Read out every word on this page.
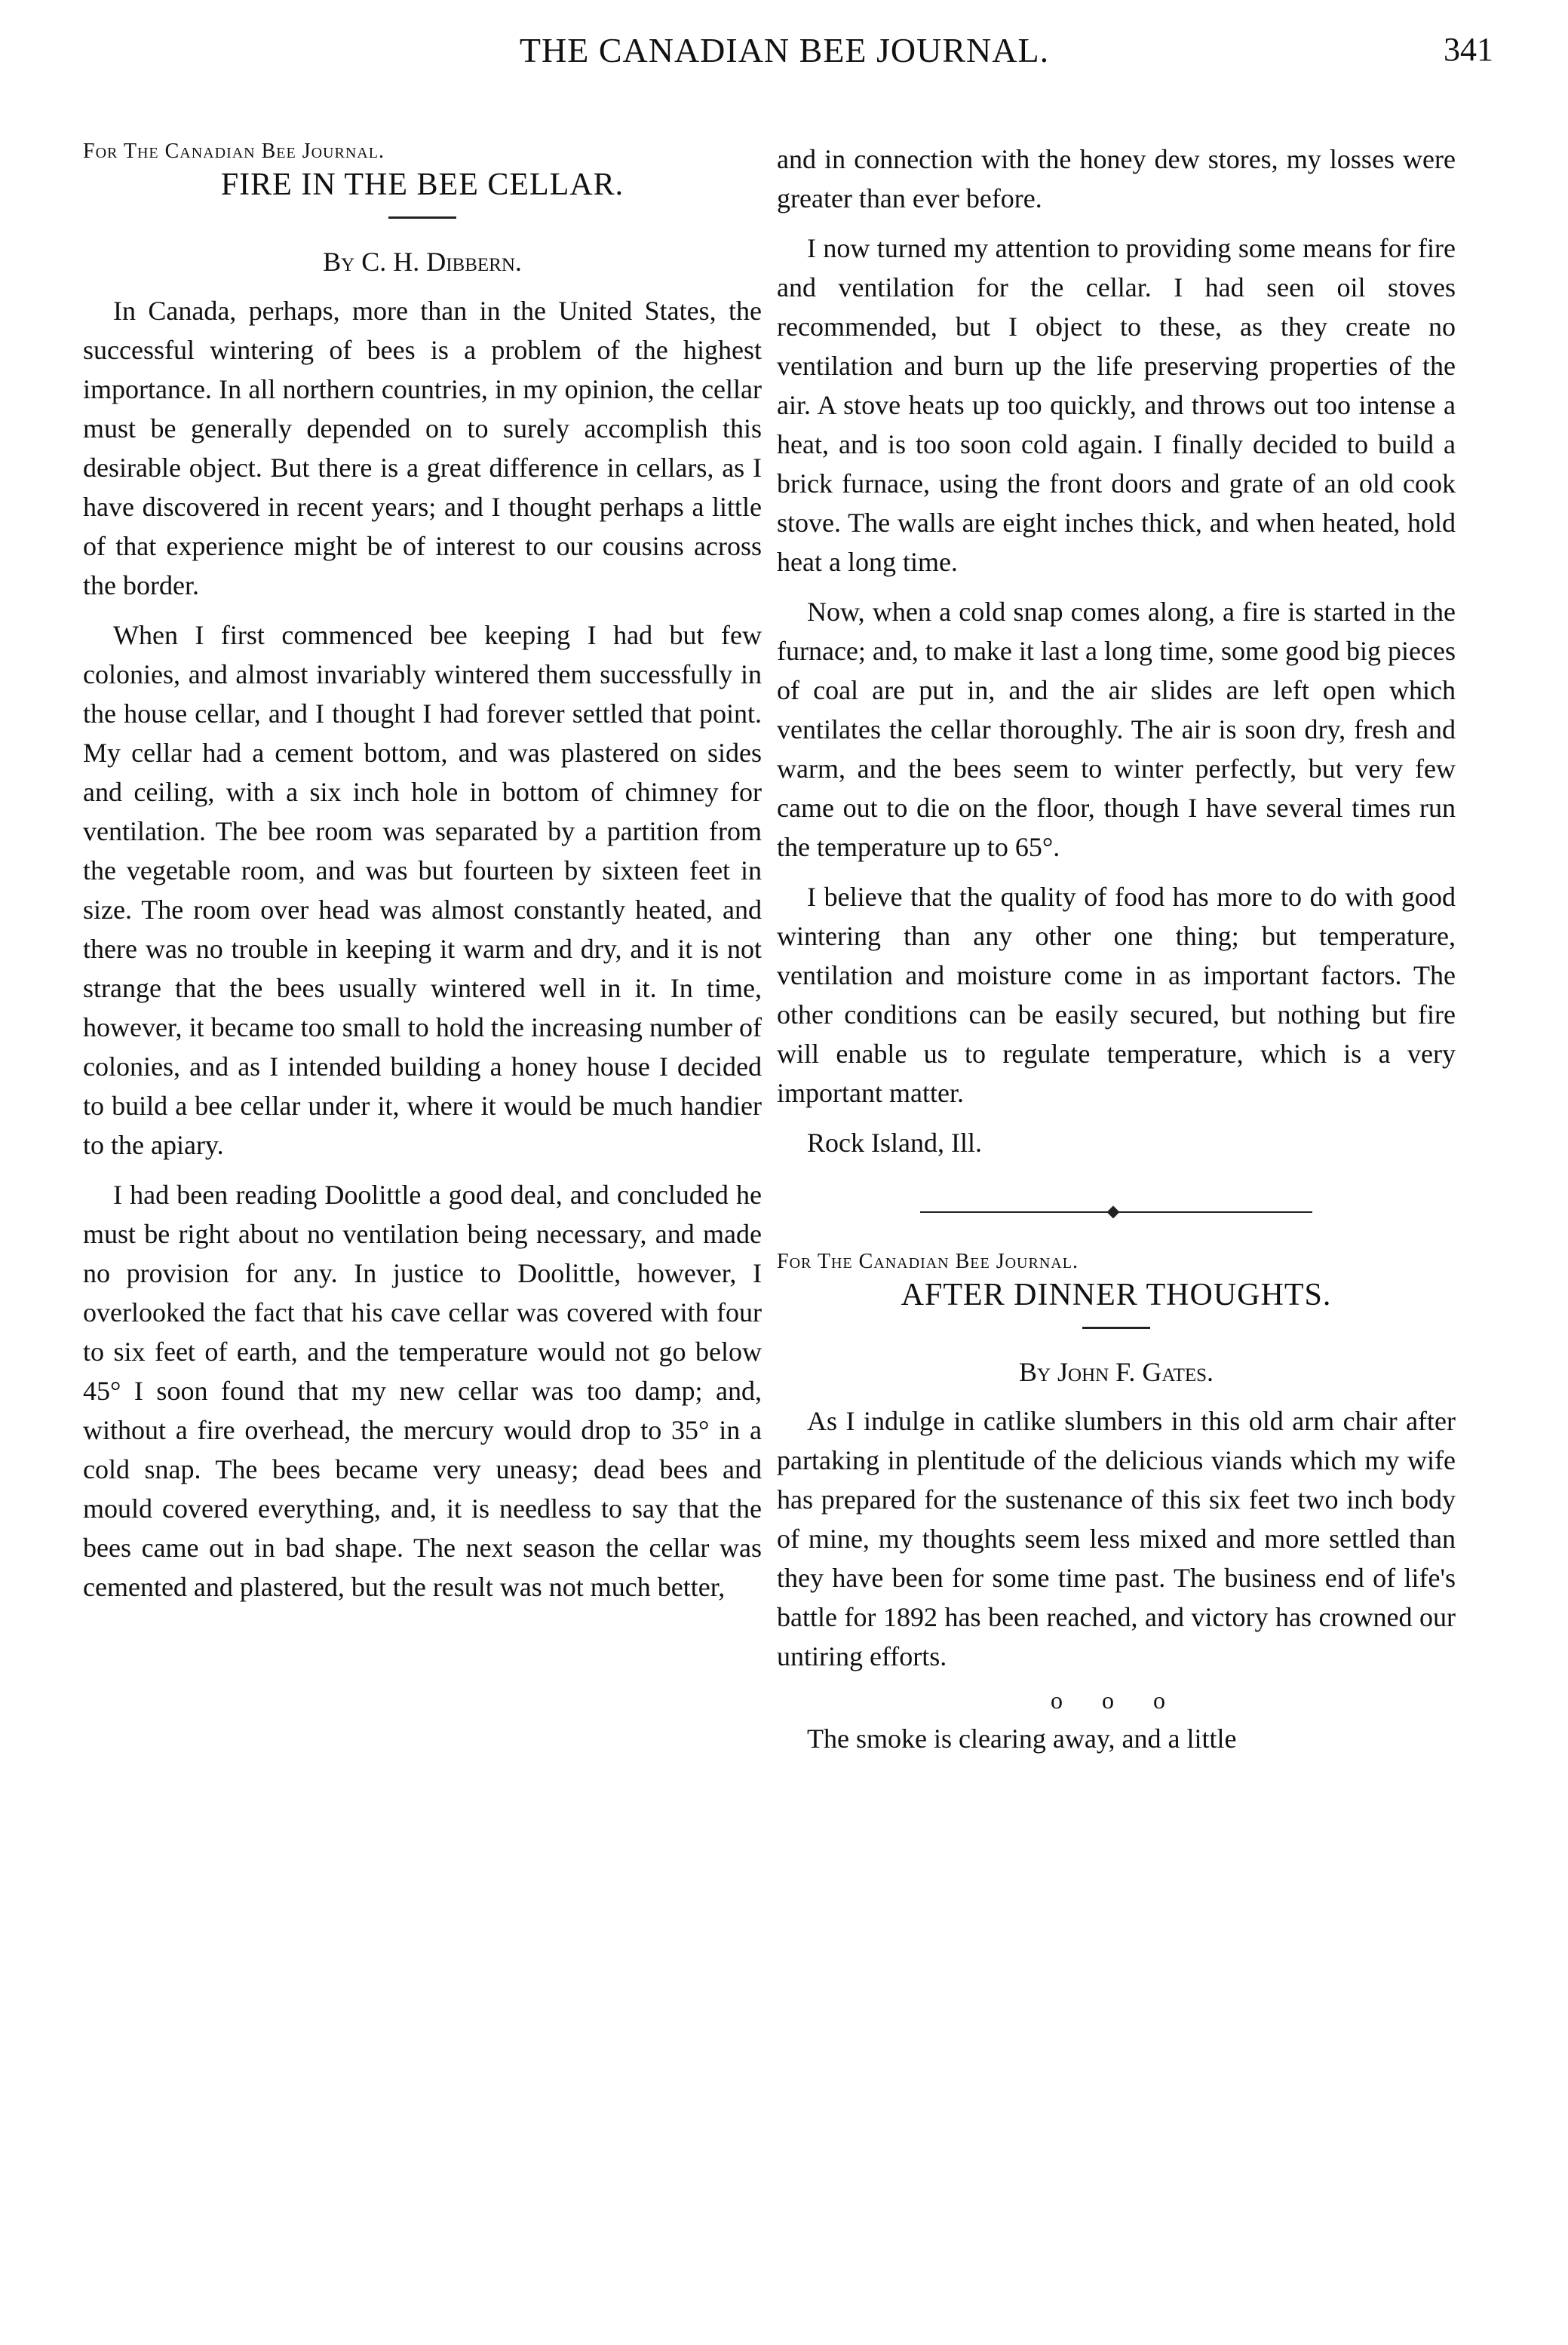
THE CANADIAN BEE JOURNAL.	341
For The Canadian Bee Journal.
FIRE IN THE BEE CELLAR.
By C. H. Dibbern.

In Canada, perhaps, more than in the United States, the successful wintering of bees is a problem of the highest importance. In all northern countries, in my opinion, the cellar must be generally depended on to surely accomplish this desirable object. But there is a great difference in cellars, as I have discovered in recent years; and I thought perhaps a little of that experience might be of interest to our cousins across the border.

When I first commenced bee keeping I had but few colonies, and almost invariably wintered them successfully in the house cellar, and I thought I had forever settled that point. My cellar had a cement bottom, and was plastered on sides and ceiling, with a six inch hole in bottom of chimney for ventilation. The bee room was separated by a partition from the vegetable room, and was but fourteen by sixteen feet in size. The room over head was almost constantly heated, and there was no trouble in keeping it warm and dry, and it is not strange that the bees usually wintered well in it. In time, however, it became too small to hold the increasing number of colonies, and as I intended building a honey house I decided to build a bee cellar under it, where it would be much handier to the apiary.

I had been reading Doolittle a good deal, and concluded he must be right about no ventilation being necessary, and made no provision for any. In justice to Doolittle, however, I overlooked the fact that his cave cellar was covered with four to six feet of earth, and the temperature would not go below 45° I soon found that my new cellar was too damp; and, without a fire overhead, the mercury would drop to 35° in a cold snap. The bees became very uneasy; dead bees and mould covered everything, and, it is needless to say that the bees came out in bad shape. The next season the cellar was cemented and plastered, but the result was not much better,

and in connection with the honey dew stores, my losses were greater than ever before.

I now turned my attention to providing some means for fire and ventilation for the cellar. I had seen oil stoves recommended, but I object to these, as they create no ventilation and burn up the life preserving properties of the air. A stove heats up too quickly, and throws out too intense a heat, and is too soon cold again. I finally decided to build a brick furnace, using the front doors and grate of an old cook stove. The walls are eight inches thick, and when heated, hold heat a long time.

Now, when a cold snap comes along, a fire is started in the furnace; and, to make it last a long time, some good big pieces of coal are put in, and the air slides are left open which ventilates the cellar thoroughly. The air is soon dry, fresh and warm, and the bees seem to winter perfectly, but very few came out to die on the floor, though I have several times run the temperature up to 65°.

I believe that the quality of food has more to do with good wintering than any other one thing; but temperature, ventilation and moisture come in as important factors. The other conditions can be easily secured, but nothing but fire will enable us to regulate temperature, which is a very important matter.

Rock Island, Ill.
For The Canadian Bee Journal.
AFTER DINNER THOUGHTS.
By John F. Gates.

As I indulge in catlike slumbers in this old arm chair after partaking in plentitude of the delicious viands which my wife has prepared for the sustenance of this six feet two inch body of mine, my thoughts seem less mixed and more settled than they have been for some time past. The business end of life's battle for 1892 has been reached, and victory has crowned our untiring efforts.

o o o

The smoke is clearing away, and a little
